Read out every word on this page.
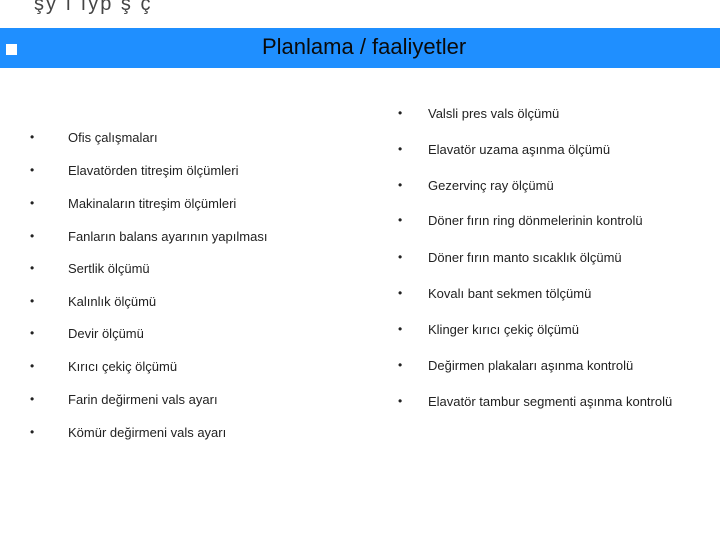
şy ı ıyp ş ç
Planlama / faaliyetler
•	Ofis çalışmaları
•	Elavatörden titreşim ölçümleri
•	Makinaların titreşim ölçümleri
•	Fanların balans ayarının yapılması
•	Sertlik ölçümü
•	Kalınlık ölçümü
•	Devir ölçümü
•	Kırıcı çekiç ölçümü
•	Farin değirmeni vals ayarı
•	Kömür değirmeni vals ayarı
• Valsli pres vals ölçümü
• Elavatör uzama aşınma ölçümü
• Gezervinç ray ölçümü
• Döner fırın ring dönmelerinin kontrolü
• Döner fırın manto sıcaklık ölçümü
• Kovalı bant sekmen tölçümü
• Klinger kırıcı çekiç ölçümü
• Değirmen plakaları aşınma kontrolü
• Elavatör tambur segmenti aşınma kontrolü
